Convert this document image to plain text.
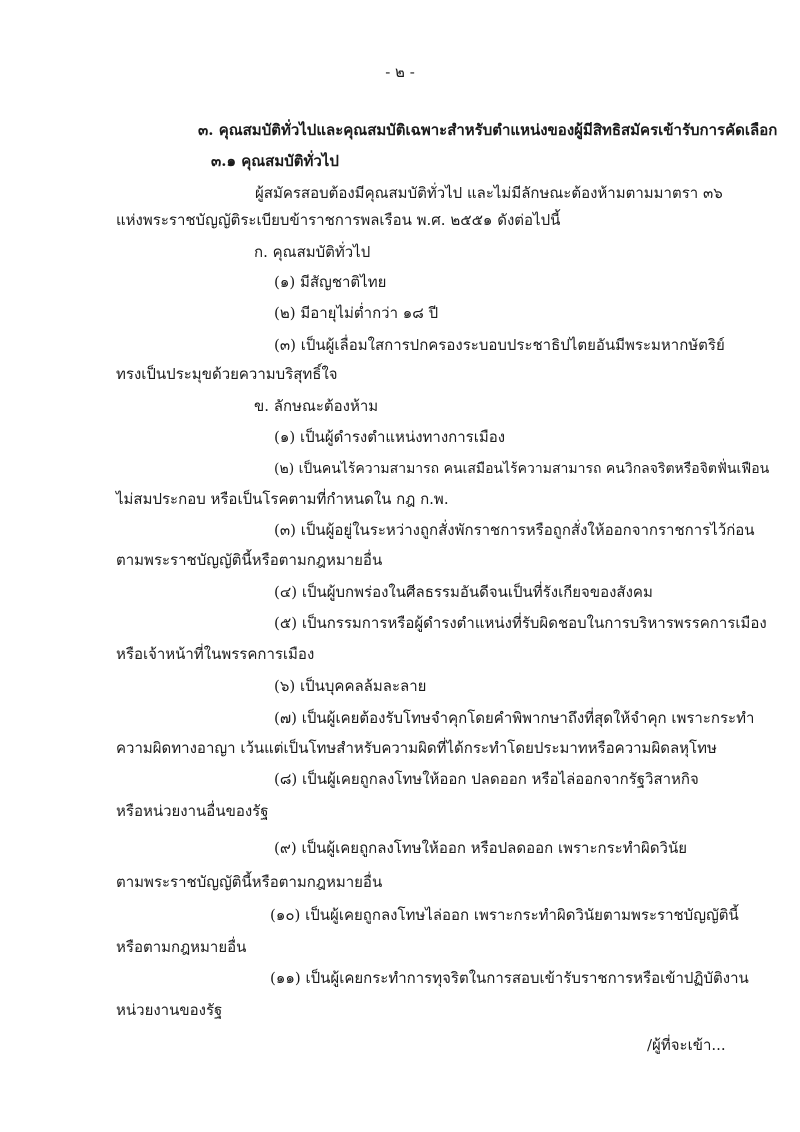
- ๒ -
๓. คุณสมบัติทั่วไปและคุณสมบัติเฉพาะสำหรับตำแหน่งของผู้มีสิทธิสมัครเข้ารับการคัดเลือก
๓.๑ คุณสมบัติทั่วไป
ผู้สมัครสอบต้องมีคุณสมบัติทั่วไป และไม่มีลักษณะต้องห้ามตามมาตรา ๓๖
แห่งพระราชบัญญัติระเบียบข้าราชการพลเรือน พ.ศ. ๒๕๕๑ ดังต่อไปนี้
ก. คุณสมบัติทั่วไป
(๑) มีสัญชาติไทย
(๒) มีอายุไม่ต่ำกว่า ๑๘ ปี
(๓) เป็นผู้เลื่อมใสการปกครองระบอบประชาธิปไตยอันมีพระมหากษัตริย์
ทรงเป็นประมุขด้วยความบริสุทธิ์ใจ
ข. ลักษณะต้องห้าม
(๑) เป็นผู้ดำรงตำแหน่งทางการเมือง
(๒) เป็นคนไร้ความสามารถ คนเสมือนไร้ความสามารถ คนวิกลจริตหรือจิตฟั่นเฟือน
ไม่สมประกอบ หรือเป็นโรคตามที่กำหนดใน กฎ ก.พ.
(๓) เป็นผู้อยู่ในระหว่างถูกสั่งพักราชการหรือถูกสั่งให้ออกจากราชการไว้ก่อน
ตามพระราชบัญญัตินี้หรือตามกฎหมายอื่น
(๔) เป็นผู้บกพร่องในศีลธรรมอันดีจนเป็นที่รังเกียจของสังคม
(๕) เป็นกรรมการหรือผู้ดำรงตำแหน่งที่รับผิดชอบในการบริหารพรรคการเมือง
หรือเจ้าหน้าที่ในพรรคการเมือง
(๖) เป็นบุคคลล้มละลาย
(๗) เป็นผู้เคยต้องรับโทษจำคุกโดยคำพิพากษาถึงที่สุดให้จำคุก เพราะกระทำ
ความผิดทางอาญา เว้นแต่เป็นโทษสำหรับความผิดที่ได้กระทำโดยประมาทหรือความผิดลหุโทษ
(๘) เป็นผู้เคยถูกลงโทษให้ออก ปลดออก หรือไล่ออกจากรัฐวิสาหกิจ
หรือหน่วยงานอื่นของรัฐ
(๙) เป็นผู้เคยถูกลงโทษให้ออก หรือปลดออก เพราะกระทำผิดวินัย
ตามพระราชบัญญัตินี้หรือตามกฎหมายอื่น
(๑๐) เป็นผู้เคยถูกลงโทษไล่ออก เพราะกระทำผิดวินัยตามพระราชบัญญัตินี้
หรือตามกฎหมายอื่น
(๑๑) เป็นผู้เคยกระทำการทุจริตในการสอบเข้ารับราชการหรือเข้าปฏิบัติงาน
หน่วยงานของรัฐ
/ผู้ที่จะเข้า...
